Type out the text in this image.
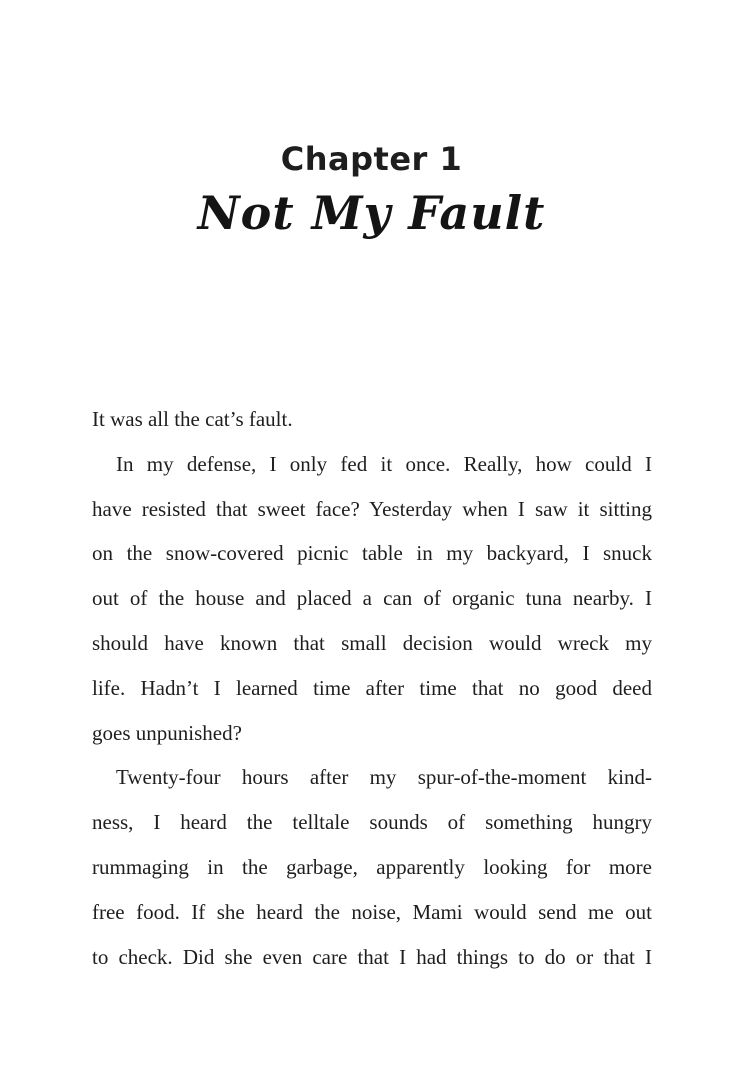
Chapter 1
Not My Fault
It was all the cat’s fault.
In my defense, I only fed it once. Really, how could I
have resisted that sweet face? Yesterday when I saw it sitting
on the snow-covered picnic table in my backyard, I snuck
out of the house and placed a can of organic tuna nearby. I
should have known that small decision would wreck my
life. Hadn’t I learned time after time that no good deed
goes unpunished?
Twenty-four hours after my spur-of-the-moment kind-
ness, I heard the telltale sounds of something hungry
rummaging in the garbage, apparently looking for more
free food. If she heard the noise, Mami would send me out
to check. Did she even care that I had things to do or that I
